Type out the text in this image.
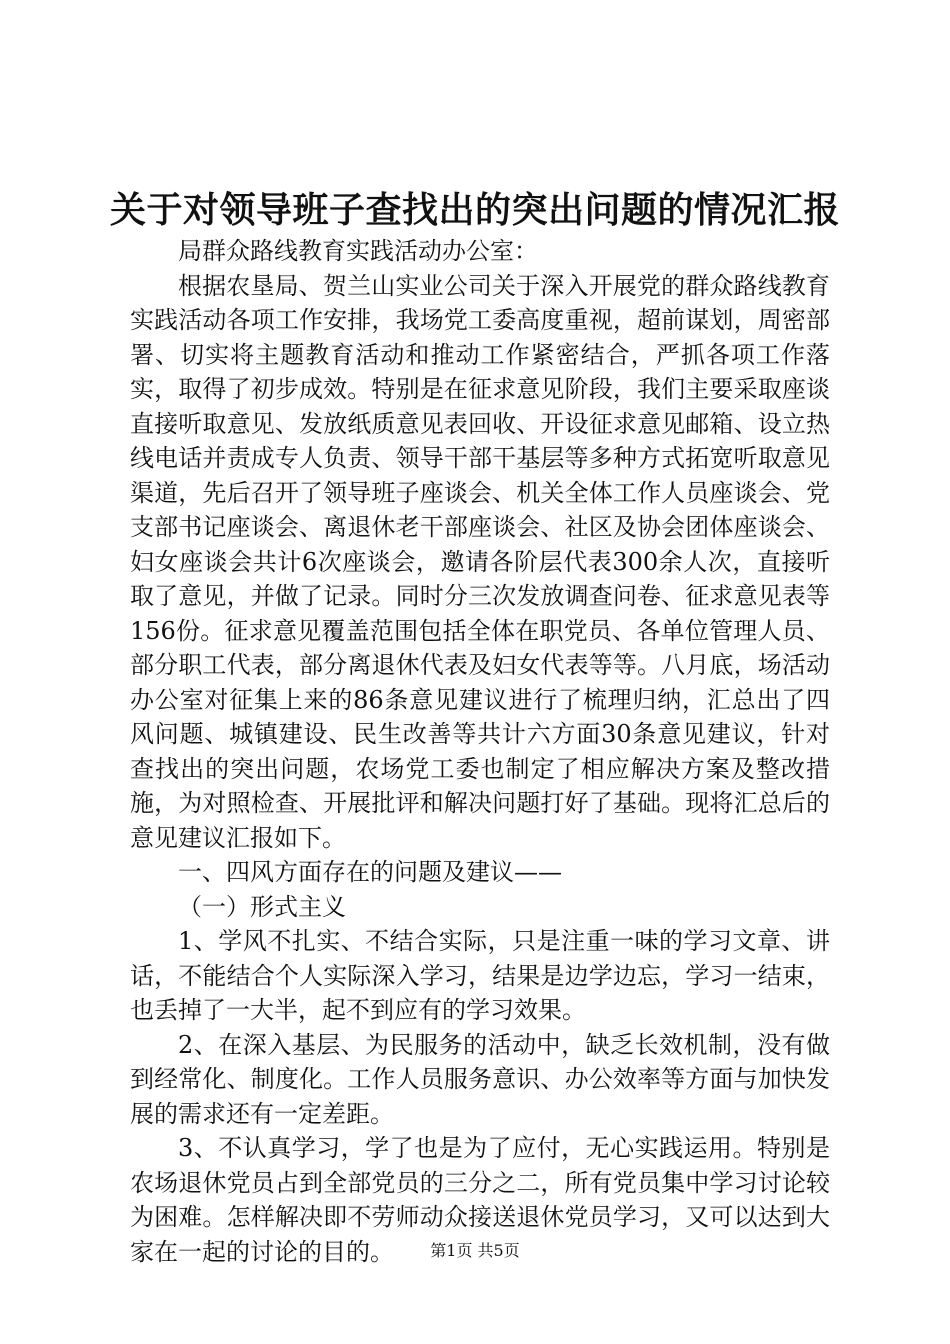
关于对领导班子查找出的突出问题的情况汇报

局群众路线教育实践活动办公室：

根据农垦局、贺兰山实业公司关于深入开展党的群众路线教育实践活动各项工作安排，我场党工委高度重视，超前谋划，周密部署、切实将主题教育活动和推动工作紧密结合，严抓各项工作落实，取得了初步成效。特别是在征求意见阶段，我们主要采取座谈直接听取意见、发放纸质意见表回收、开设征求意见邮箱、设立热线电话并责成专人负责、领导干部干基层等多种方式拓宽听取意见渠道，先后召开了领导班子座谈会、机关全体工作人员座谈会、党支部书记座谈会、离退休老干部座谈会、社区及协会团体座谈会、妇女座谈会共计6次座谈会，邀请各阶层代表300余人次，直接听取了意见，并做了记录。同时分三次发放调查问卷、征求意见表等156份。征求意见覆盖范围包括全体在职党员、各单位管理人员、部分职工代表，部分离退休代表及妇女代表等等。八月底，场活动办公室对征集上来的86条意见建议进行了梳理归纳，汇总出了四风问题、城镇建设、民生改善等共计六方面30条意见建议，针对查找出的突出问题，农场党工委也制定了相应解决方案及整改措施，为对照检查、开展批评和解决问题打好了基础。现将汇总后的意见建议汇报如下。

一、四风方面存在的问题及建议——

（一）形式主义

1、学风不扎实、不结合实际，只是注重一味的学习文章、讲话，不能结合个人实际深入学习，结果是边学边忘，学习一结束，也丢掉了一大半，起不到应有的学习效果。

2、在深入基层、为民服务的活动中，缺乏长效机制，没有做到经常化、制度化。工作人员服务意识、办公效率等方面与加快发展的需求还有一定差距。

3、不认真学习，学了也是为了应付，无心实践运用。特别是农场退休党员占到全部党员的三分之二，所有党员集中学习讨论较为困难。怎样解决即不劳师动众接送退休党员学习，又可以达到大家在一起的讨论的目的。	第1页 共5页
